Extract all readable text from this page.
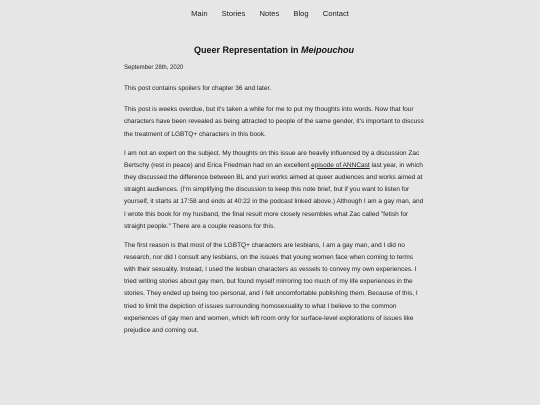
Main Stories Notes Blog Contact
Queer Representation in Meipouchou
September 28th, 2020

This post contains spoilers for chapter 36 and later.

This post is weeks overdue, but it's taken a while for me to put my thoughts into words. Now that four characters have been revealed as being attracted to people of the same gender, it's important to discuss the treatment of LGBTQ+ characters in this book.

I am not an expert on the subject. My thoughts on this issue are heavily influenced by a discussion Zac Bertschy (rest in peace) and Erica Friedman had on an excellent episode of ANNCast last year, in which they discussed the difference between BL and yuri works aimed at queer audiences and works aimed at straight audiences. (I'm simplifying the discussion to keep this note brief, but if you want to listen for yourself, it starts at 17:58 and ends at 40:22 in the podcast linked above.) Although I am a gay man, and I wrote this book for my husband, the final result more closely resembles what Zac called "fetish for straight people." There are a couple reasons for this.

The first reason is that most of the LGBTQ+ characters are lesbians, I am a gay man, and I did no research, nor did I consult any lesbians, on the issues that young women face when coming to terms with their sexuality. Instead, I used the lesbian characters as vessels to convey my own experiences. I tried writing stories about gay men, but found myself mirroring too much of my life experiences in the stories. They ended up being too personal, and I felt uncomfortable publishing them. Because of this, I tried to limit the depiction of issues surrounding homosexuality to what I believe to the common experiences of gay men and women, which left room only for surface-level explorations of issues like prejudice and coming out.
